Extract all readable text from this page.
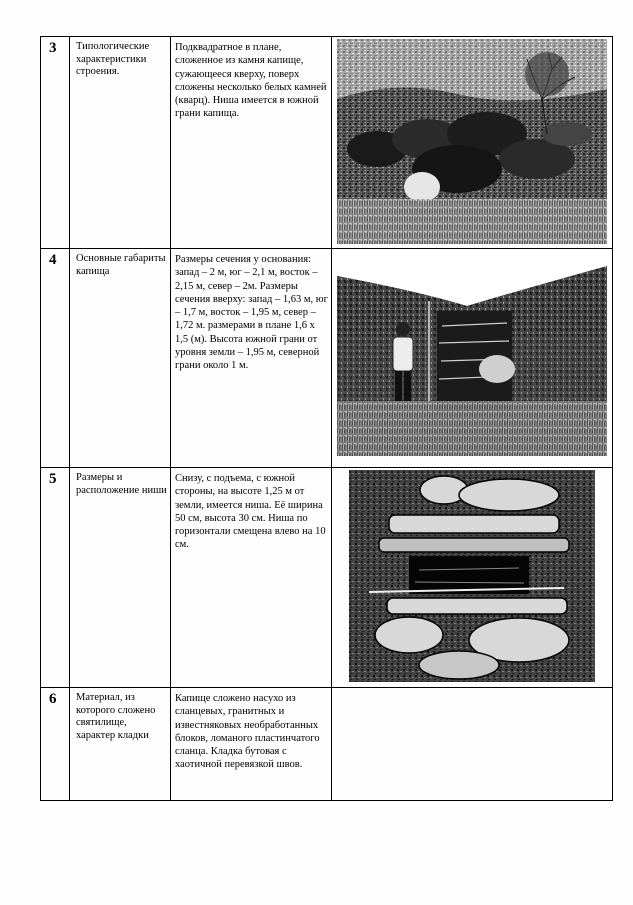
3	Типологические характеристики строения.	Подквадратное в плане, сложенное из камня капище, сужающееся кверху, поверх сложены несколько белых камней (кварц). Ниша имеется в южной грани капища.

4	Основные габариты капища	Размеры сечения у основания: запад – 2 м, юг – 2,1 м, восток – 2,15 м, север – 2м. Размеры сечения вверху: запад – 1,63 м, юг – 1,7 м, восток – 1,95 м, север – 1,72 м. размерами в плане 1,6 х 1,5 (м). Высота южной грани от уровня земли – 1,95 м, северной грани около 1 м.

5	Размеры и расположение ниши	Снизу, с подъема, с южной стороны, на высоте 1,25 м от земли, имеется ниша. Её ширина 50 см, высота 30 см. Ниша по горизонтали смещена влево на 10 см.

6	Материал, из которого сложено святилище, характер кладки	Капище сложено насухо из сланцевых, гранитных и известняковых необработанных блоков, ломаного пластинчатого сланца. Кладка бутовая с хаотичной перевязкой швов.	
